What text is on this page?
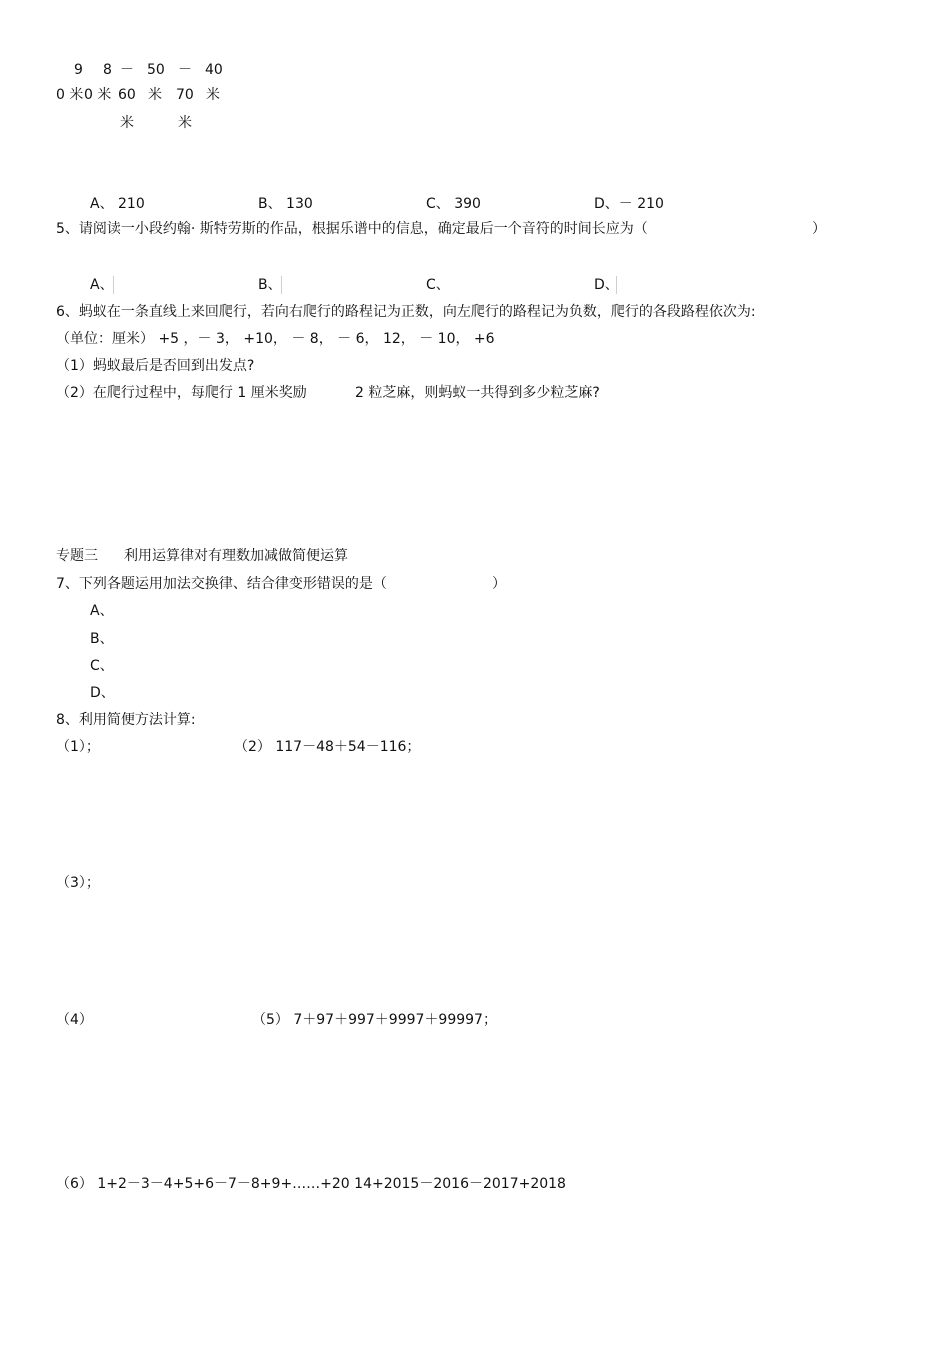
9 8 － 50 － 40
0 米 0 米 60 米 70 米
米	米
A、 210	B、 130	C、 390	D、－ 210
5、请阅读一小段约翰· 斯特劳斯的作品，根据乐谱中的信息，确定最后一个音符的时间长应为（	）
A、	B、	C、	D、
6、蚂蚁在一条直线上来回爬行，若向右爬行的路程记为正数，向左爬行的路程记为负数，爬行的各段路程依次为:
（单位：厘米） +5 ，－ 3， +10， － 8， － 6， 12， － 10， +6
（1）蚂蚁最后是否回到出发点?
（2）在爬行过程中，每爬行 1 厘米奖励	2 粒芝麻，则蚂蚁一共得到多少粒芝麻?
专题三 利用运算律对有理数加减做简便运算
7、下列各题运用加法交换律、结合律变形错误的是（	）
A、
B、
C、
D、
8、利用简便方法计算:
（1）；	（2） 117－48＋54－116；
（3）；
（4）	（5） 7＋97＋997＋9997＋99997；
（6） 1+2－3－4+5+6－7－8+9+……+20 14+2015－2016－2017+2018
